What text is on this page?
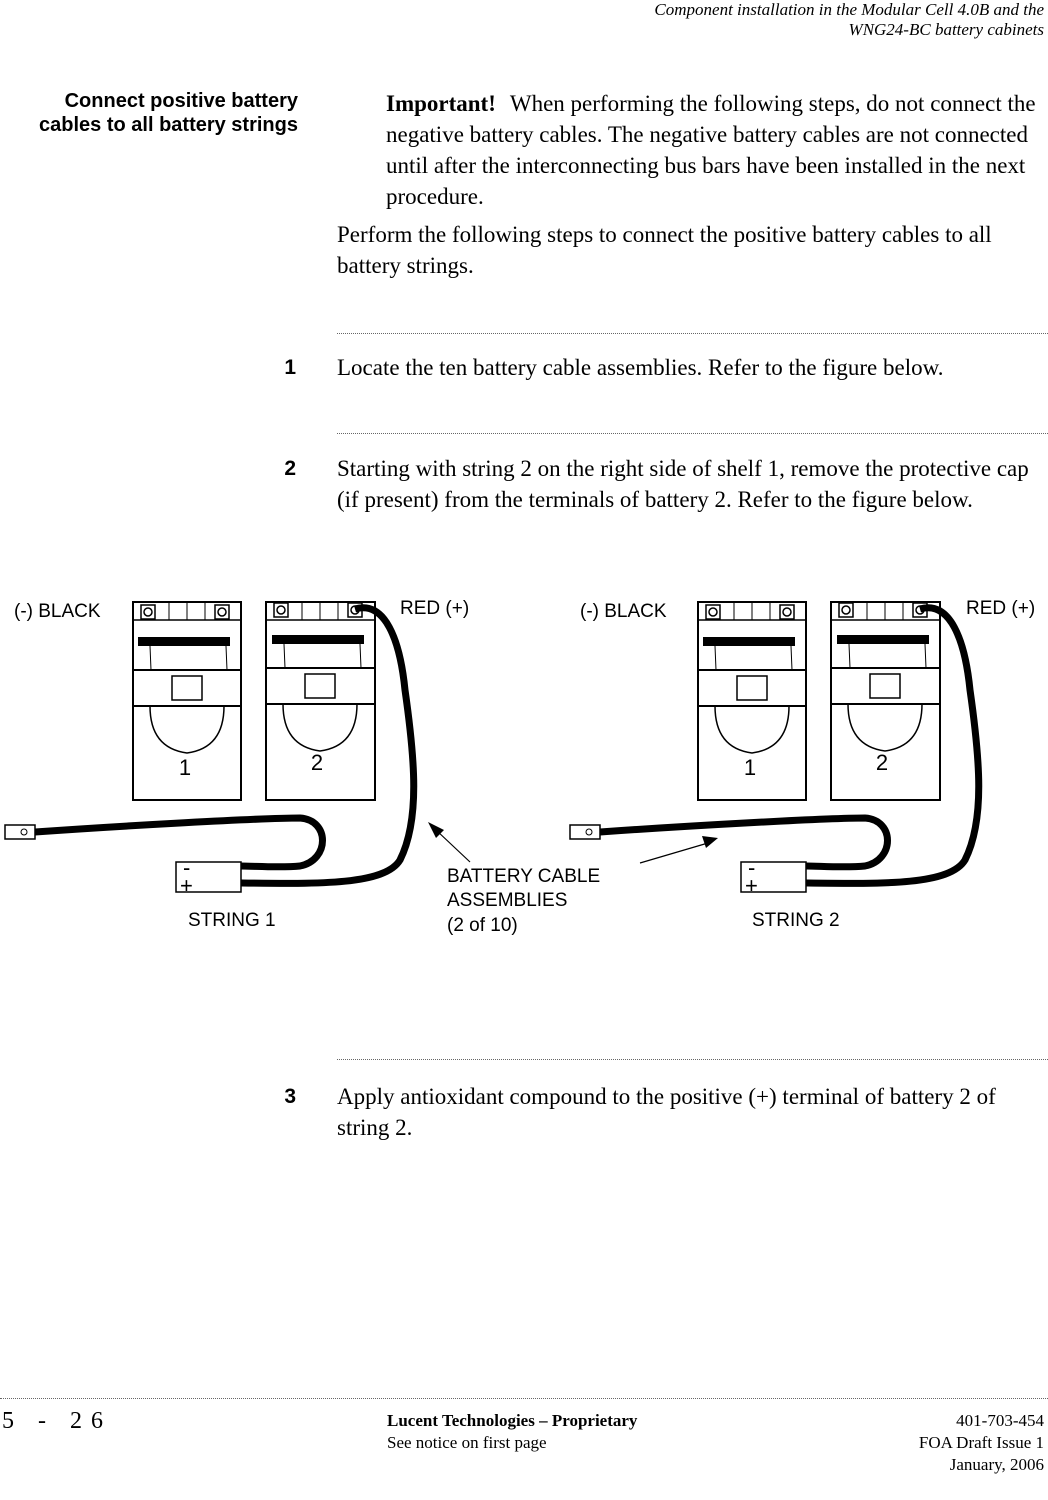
Component installation in the Modular Cell 4.0B and the
WNG24-BC battery cabinets
Connect positive battery
cables to all battery strings
Important! When performing the following steps, do not connect the negative battery cables. The negative battery cables are not connected until after the interconnecting bus bars have been installed in the next procedure.
Perform the following steps to connect the positive battery cables to all battery strings.
1 Locate the ten battery cable assemblies. Refer to the figure below.
2 Starting with string 2 on the right side of shelf 1, remove the protective cap (if present) from the terminals of battery 2. Refer to the figure below.
1	2
-
+
(-) BLACK	RED (+)
STRING 1
1	2
-
+
(-) BLACK	RED (+)
STRING 2
BATTERY CABLE
ASSEMBLIES
(2 of 10)
3 Apply antioxidant compound to the positive (+) terminal of battery 2 of string 2.
5 - 26	Lucent Technologies – Proprietary
See notice on first page
401-703-454
FOA Draft Issue 1
January, 2006
